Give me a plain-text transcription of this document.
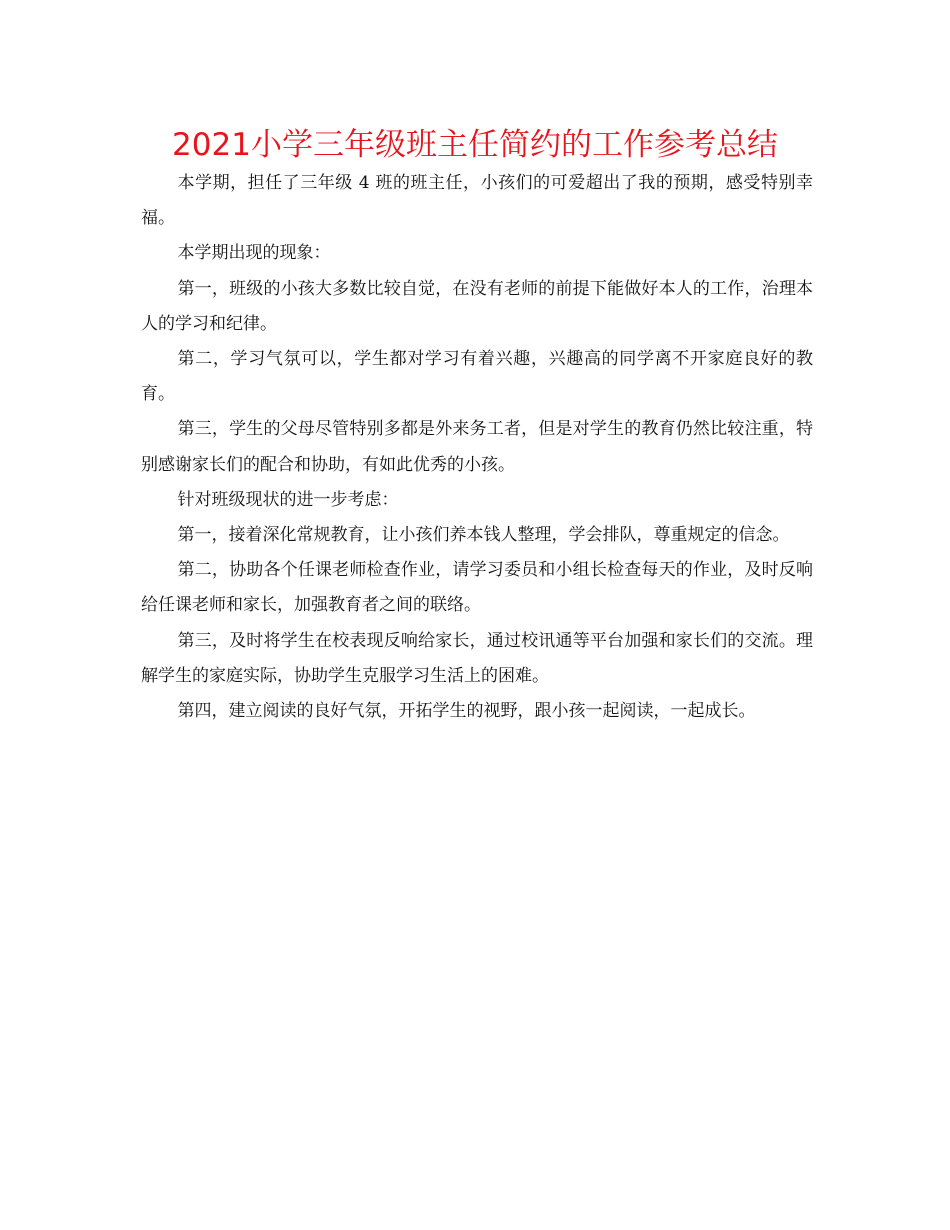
2021小学三年级班主任简约的工作参考总结

本学期，担任了三年级 4 班的班主任，小孩们的可爱超出了我的预期，感受特别幸福。

本学期出现的现象：

第一，班级的小孩大多数比较自觉，在没有老师的前提下能做好本人的工作，治理本人的学习和纪律。

第二，学习气氛可以，学生都对学习有着兴趣，兴趣高的同学离不开家庭良好的教育。

第三，学生的父母尽管特别多都是外来务工者，但是对学生的教育仍然比较注重，特别感谢家长们的配合和协助，有如此优秀的小孩。

针对班级现状的进一步考虑：

第一，接着深化常规教育，让小孩们养本钱人整理，学会排队，尊重规定的信念。

第二，协助各个任课老师检查作业，请学习委员和小组长检查每天的作业，及时反响给任课老师和家长，加强教育者之间的联络。

第三，及时将学生在校表现反响给家长，通过校讯通等平台加强和家长们的交流。理解学生的家庭实际，协助学生克服学习生活上的困难。

第四，建立阅读的良好气氛，开拓学生的视野，跟小孩一起阅读，一起成长。
